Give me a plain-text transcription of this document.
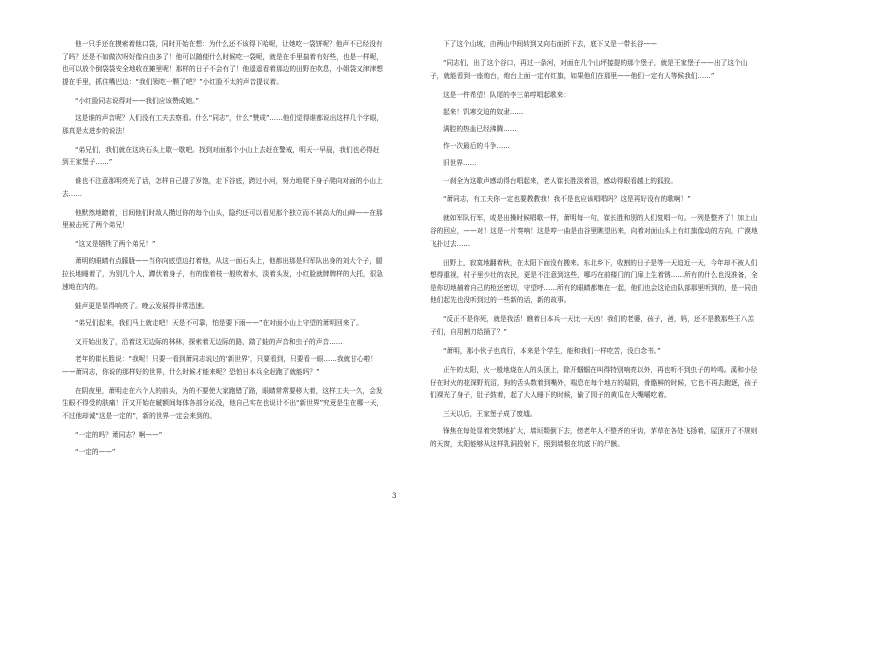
他一只手还在摸索着他口袋，同时开始在想：为什么还不该得下哈呢，让她吃一袋饼呢？他声不已经没有了吗？还是不如做次呀好像自由多了！他可以随便什么时候吃一袋呢，就是在手里揣着有好些，也是一样呢，也可以放个倒袋袋安全地收在摊里呢！那样的日子不会有了！他遥遥看着那边的田野在吹息，小姐袋又津津想提在手里，抓住嘴巴边：“我们领吃一颗了吧？”小红脸不太的声音提议着。

“小红脸同志说得对——我们应该赞成她。”

这是谁的声音呢？人们没有工夫去察看。什么“同志”，什么“赞成”……他们觉得谁都说出这样几个字眼，那真是太进步的说法！

“弟兄们，我们就在这块石头上歇一歇吧。找到对面那个小山上去赶在警戒，明天一早晨，我们也必得赶到王家堡子……”

谁也不注意那明亮光了话，怎样自己提了岁饱，走下谷底，跨过小河，努力地爬下身子爬向对面的小山上去……

他默然地瞭着，目间他们时敌人攒过你的每个山头，隐约还可以看见那个独立而不甚高大的山峰——在那里被击死了两个弟兄！

“这又是牺牲了两个弟兄！”

萧明的眼睛有点朦胧——当你向底望边打着他，从这一面石头上，他都出那是归军队出身的刘大个子，腿拉长地睡着了，为别几个人，蹲伏着身子，有的像着枝一般吹着水，淡着头发，小红脸就牌牌样的大托，很急速地在内的。

蛙声更是显得响亮了。晚云发展得非常迅速。

“弟兄们起来，我们马上就走吧！天是不可靠，怕是要下雨——”在对面小山上守望的萧明回来了。

又开始出发了，沿着这无边际的林林，探索着无边际的路，踏了蛙的声音和虫子的声音……

老年的崔长胜说：“我呢！只要一看到萧同志说过的‘新世界’，只要看到，只要看一眼……我就甘心啦！——萧同志，你说的那样好的世界，什么时候才能来呢？恐怕日本兵全赶跑了就能吗？”

在阴夜里，萧明走在六个人的前头，为的不要使大家跑错了路，眼睛常常要移大着，这样工夫一久，会发生眼不得受的肤痛！汗又开始在觥额间每体各部分沁没，他自己实在也说计不出“新世界”究竟是生在哪一天，不过他却诚“这是一定的”，新的世界一定会来到的。

“一定的吗？萧同志？啊——”

“一定的——”

3

下了这个山坡，由两山中间转到又向右面折下去，底下又是一带长谷——

“同志们，出了这个谷口，再过一条河，对面在几个山坪接提的那个堡子，就是王家堡子——出了这个山子，就能看到一座炮台，炮台上面一定有红旗，如果他们在那里——他们一定有人等候我们……”

这是一件希望！队尾的李三弟哼唱起歌来：

起来！饥寒交迫的奴隶……

满腔的热血已经沸腾……

作一次最后的斗争……

旧世界……

一刹全为这歌声感动得台唱起来，老人崔长胜淡着泪，感动得眼看越上的狐狡。

“萧同志，有工夫你一定也要教教我！我不是也应该唱唱吗？这是再好没有的歌啊！”

就如军队行军，或是出操时候唱歌一样，萧明每一句，崔长胜和别的人们复唱一句。一列是整齐了！加上山谷的回应，——对！这是一片奏响！这是哼一曲是由谷里眺望出来，向着对面山头上有红旗像动的方向，广漠地飞扑过去……

田野上，寂寞地翻着秋，在太阳下面没有搬来。东北乡下，收割的日子是等一天迫近一天，今年却不被人们想得重视，村子里少壮的农民，更是不注意到这些，哪巧在前楼门的门扉上生着锈……所有的什么也没准备，全是你切地捕着自己的枪还密切，守望呼……所有的眼睛都集在一起，他们也会这论由队部那里听到的，是一同由他们起先也没听到过的一些新的话，新的故事。

“反正不是你死，就是我活！瞧着日本兵一天比一天凶！我们的老婆，孩子，爸，妈，还不是教那些王八羔子们，自用割刀给捅了？”

“萧明，那小伙子也真行，本来是个学生，能和我们一样吃苦，没白念书。”

正午的太阳，火一般地烧在人的头顶上，除开蝈蝈在叫得特别响亮以外，再也听不到虫子的吟鸣。溪和小径仔在时火的花深野荒沼，狗的舌头数着到嘴外，喘息在每个地方的瑞阴，骨骼鲜的时候，它也不再去跑逐，孩子们裸光了身子，肚子鼓着，起了大人睡下的时候，偷了园子的黄瓜在大嘴嚼吃着。

三天以后，王家堡子成了废墟。

锋焦在每处显着突禁地扩大，墙垣颓倒下去，傍老年人不整齐的牙齿，茅草在各处飞扬着，屋顶开了不规则的天窗，太阳能够从这样乳洞投射下，照到墙根在坑底下的尸骸。
